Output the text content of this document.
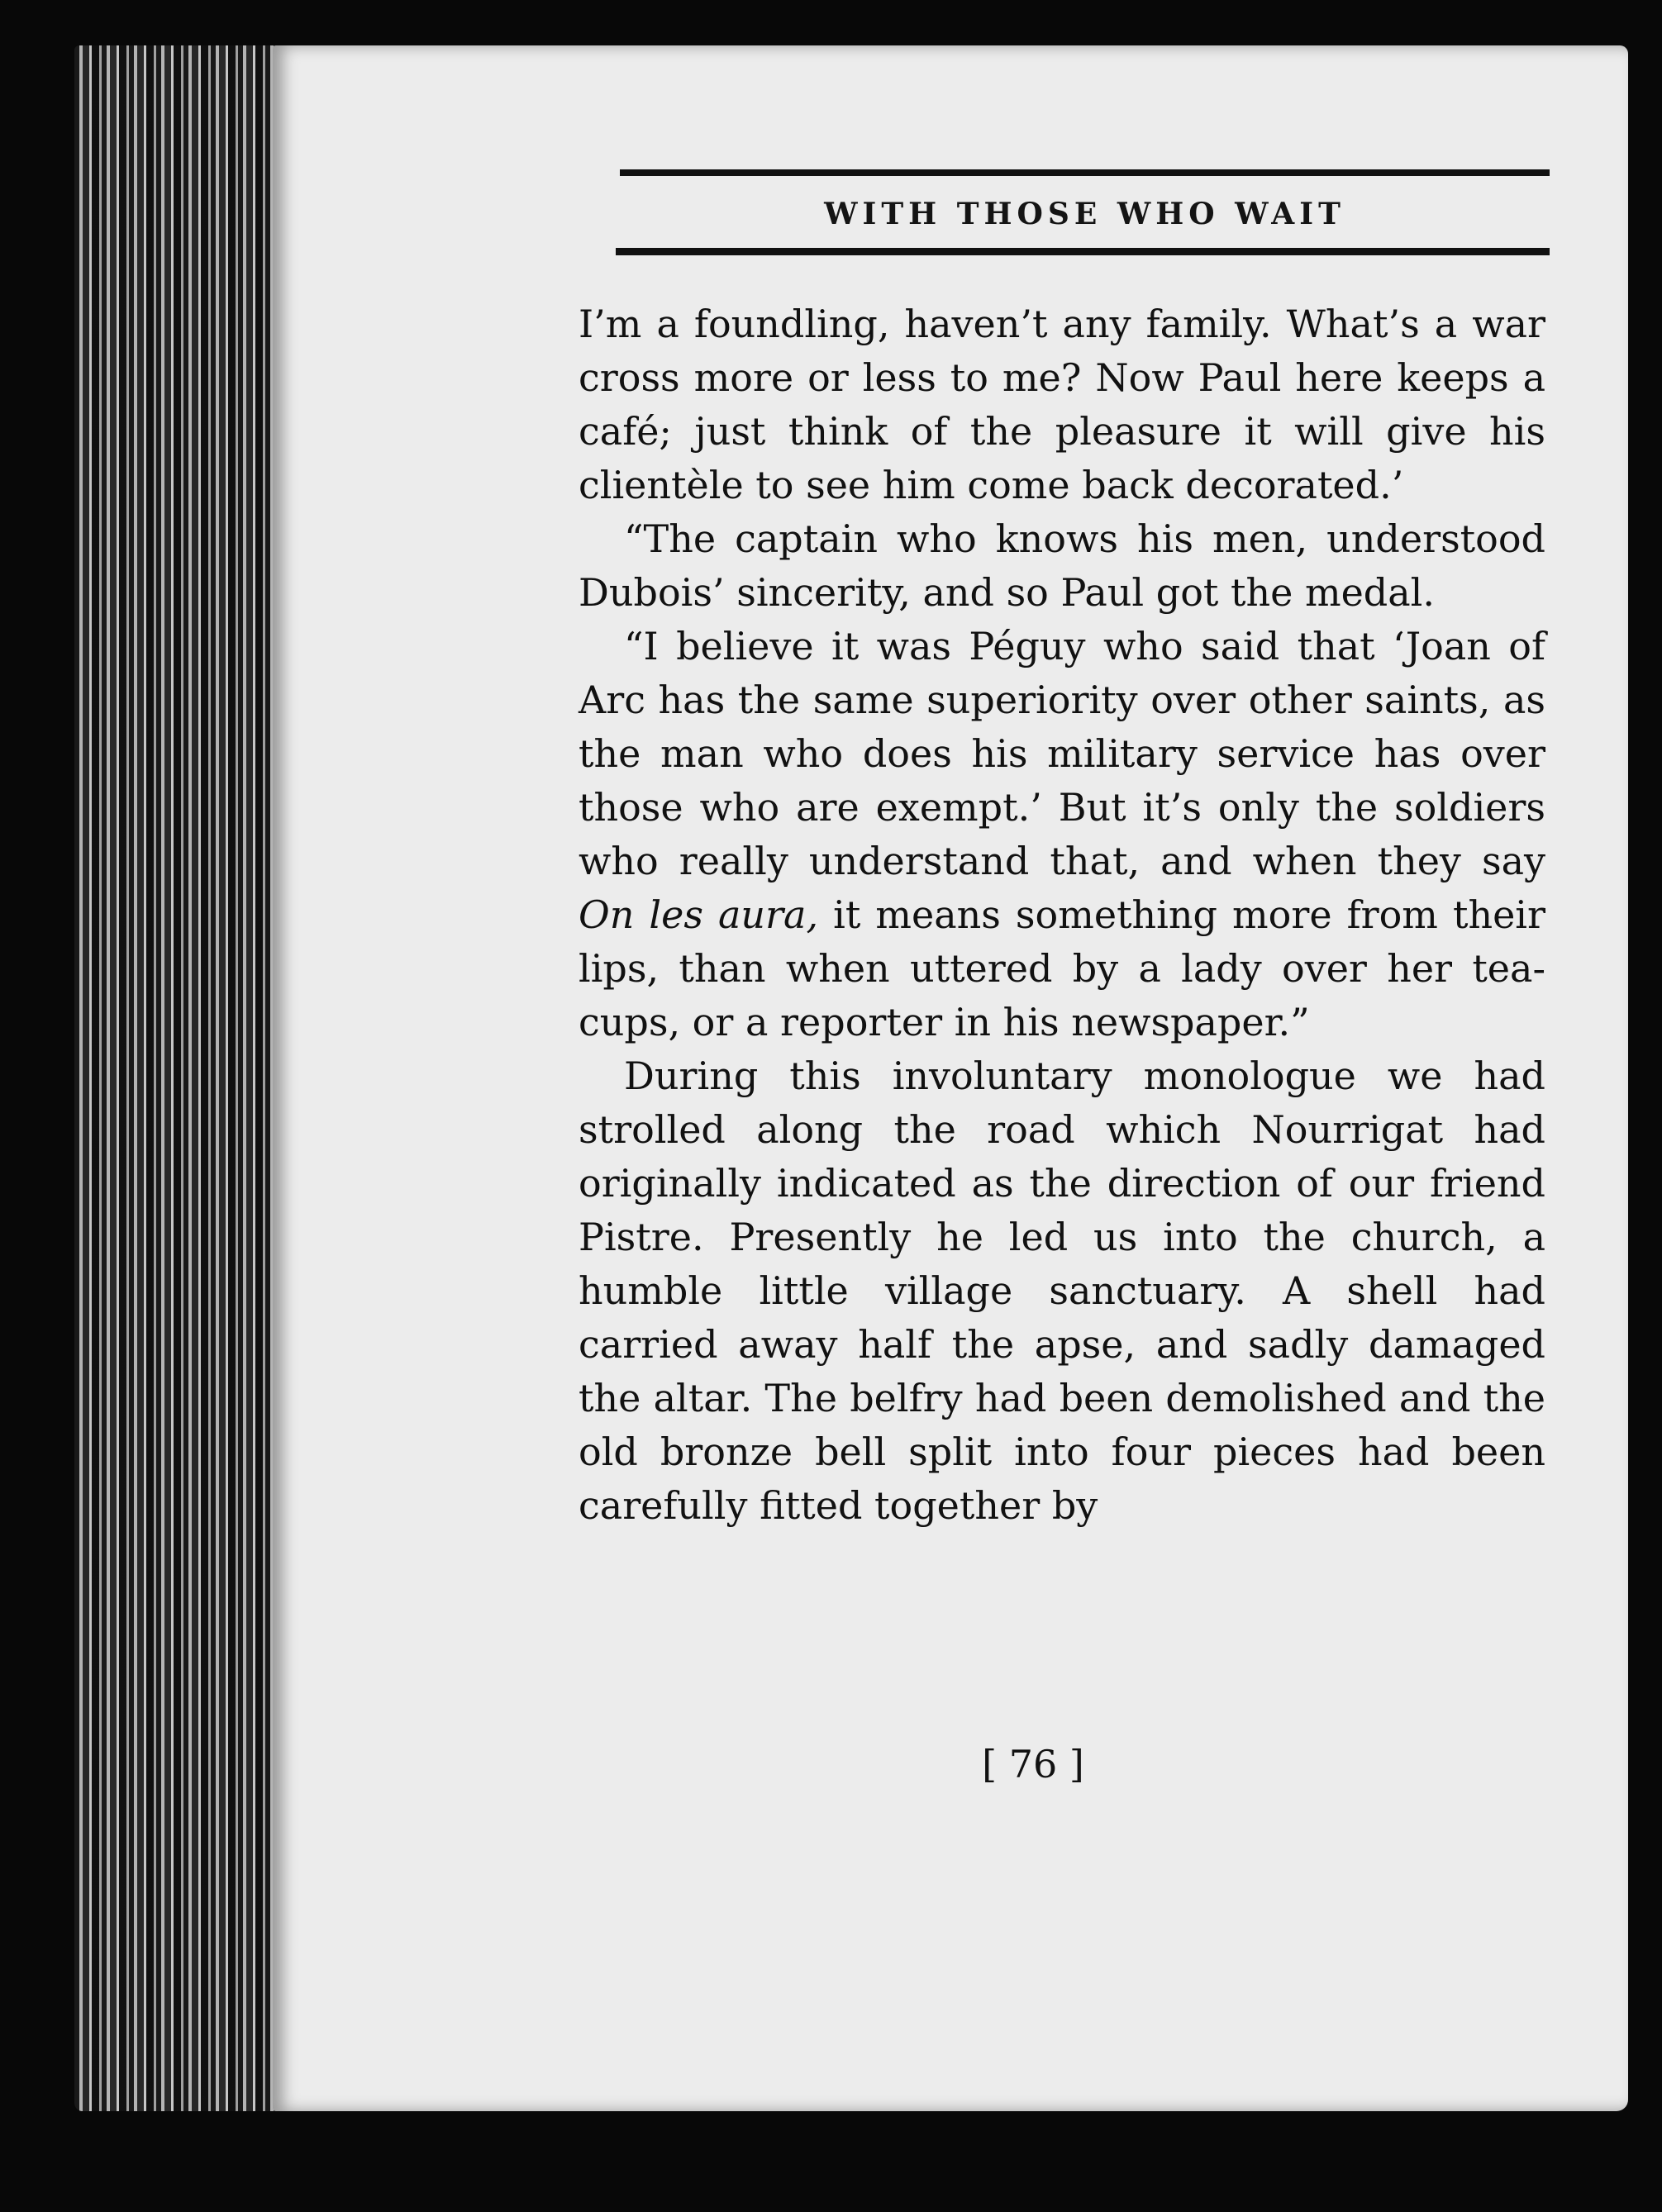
WITH THOSE WHO WAIT

I’m a foundling, haven’t any family. What’s a war cross more or less to me? Now Paul here keeps a café; just think of the pleasure it will give his clientèle to see him come back decorated.’

“The captain who knows his men, understood Dubois’ sincerity, and so Paul got the medal.

“I believe it was Péguy who said that ‘Joan of Arc has the same superiority over other saints, as the man who does his military service has over those who are exempt.’ But it’s only the soldiers who really understand that, and when they say On les aura, it means something more from their lips, than when uttered by a lady over her tea-cups, or a reporter in his newspaper.”

During this involuntary monologue we had strolled along the road which Nourrigat had originally indicated as the direction of our friend Pistre. Presently he led us into the church, a humble little village sanctuary. A shell had carried away half the apse, and sadly damaged the altar. The belfry had been demolished and the old bronze bell split into four pieces had been carefully fitted together by

[ 76 ]
